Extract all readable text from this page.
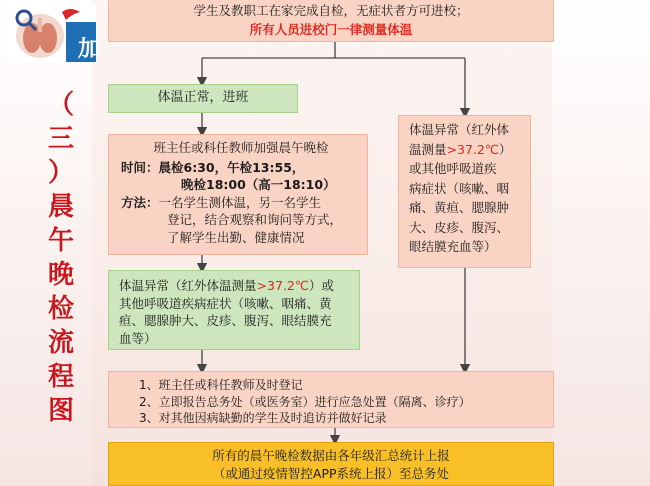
加
（
三
）
晨
午
晚
检
流
程
图
学生及教职工在家完成自检，无症状者方可进校；
所有人员进校门一律测量体温
体温正常，进班
班主任或科任教师加强晨午晚检
时间：晨检6:30，午检13:55，
晚检18:00（高一18:10）
方法：一名学生测体温，另一名学生
登记，结合观察和询问等方式，
了解学生出勤、健康情况
体温异常（红外体
温测量>37.2℃）
或其他呼吸道疾
病症状（咳嗽、咽
痛、黄疸、腮腺肿
大、皮疹、腹泻、
眼结膜充血等）
体温异常（红外体温测量>37.2℃）或
其他呼吸道疾病症状（咳嗽、咽痛、黄
疸、腮腺肿大、皮疹、腹泻、眼结膜充
血等）
1、班主任或科任教师及时登记
2、立即报告总务处（或医务室）进行应急处置（隔离、诊疗）
3、对其他因病缺勤的学生及时追访并做好记录
所有的晨午晚检数据由各年级汇总统计上报
（或通过疫情智控APP系统上报）至总务处
